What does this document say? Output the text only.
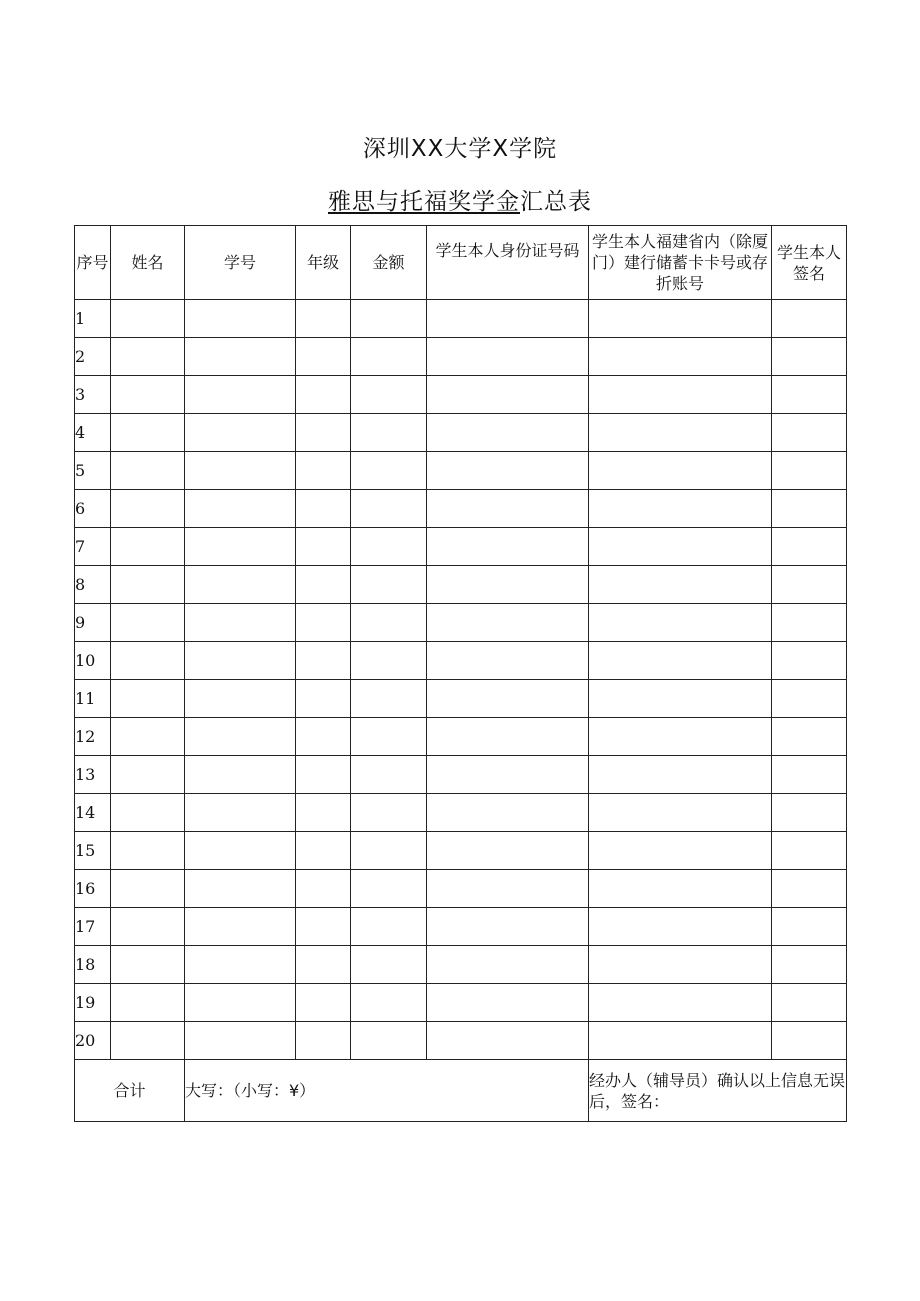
深圳XX大学X学院
雅思与托福奖学金汇总表
序号	姓名	学号	年级	金额	学生本人身份证号码	学生本人福建省内（除厦门）建行储蓄卡卡号或存折账号	学生本人签名
1							
2							
3							
4							
5							
6							
7							
8							
9							
10							
11							
12							
13							
14							
15							
16							
17							
18							
19							
20							
合计		大写：（小写：¥）				经办人（辅导员）确认以上信息无误后，签名：	
